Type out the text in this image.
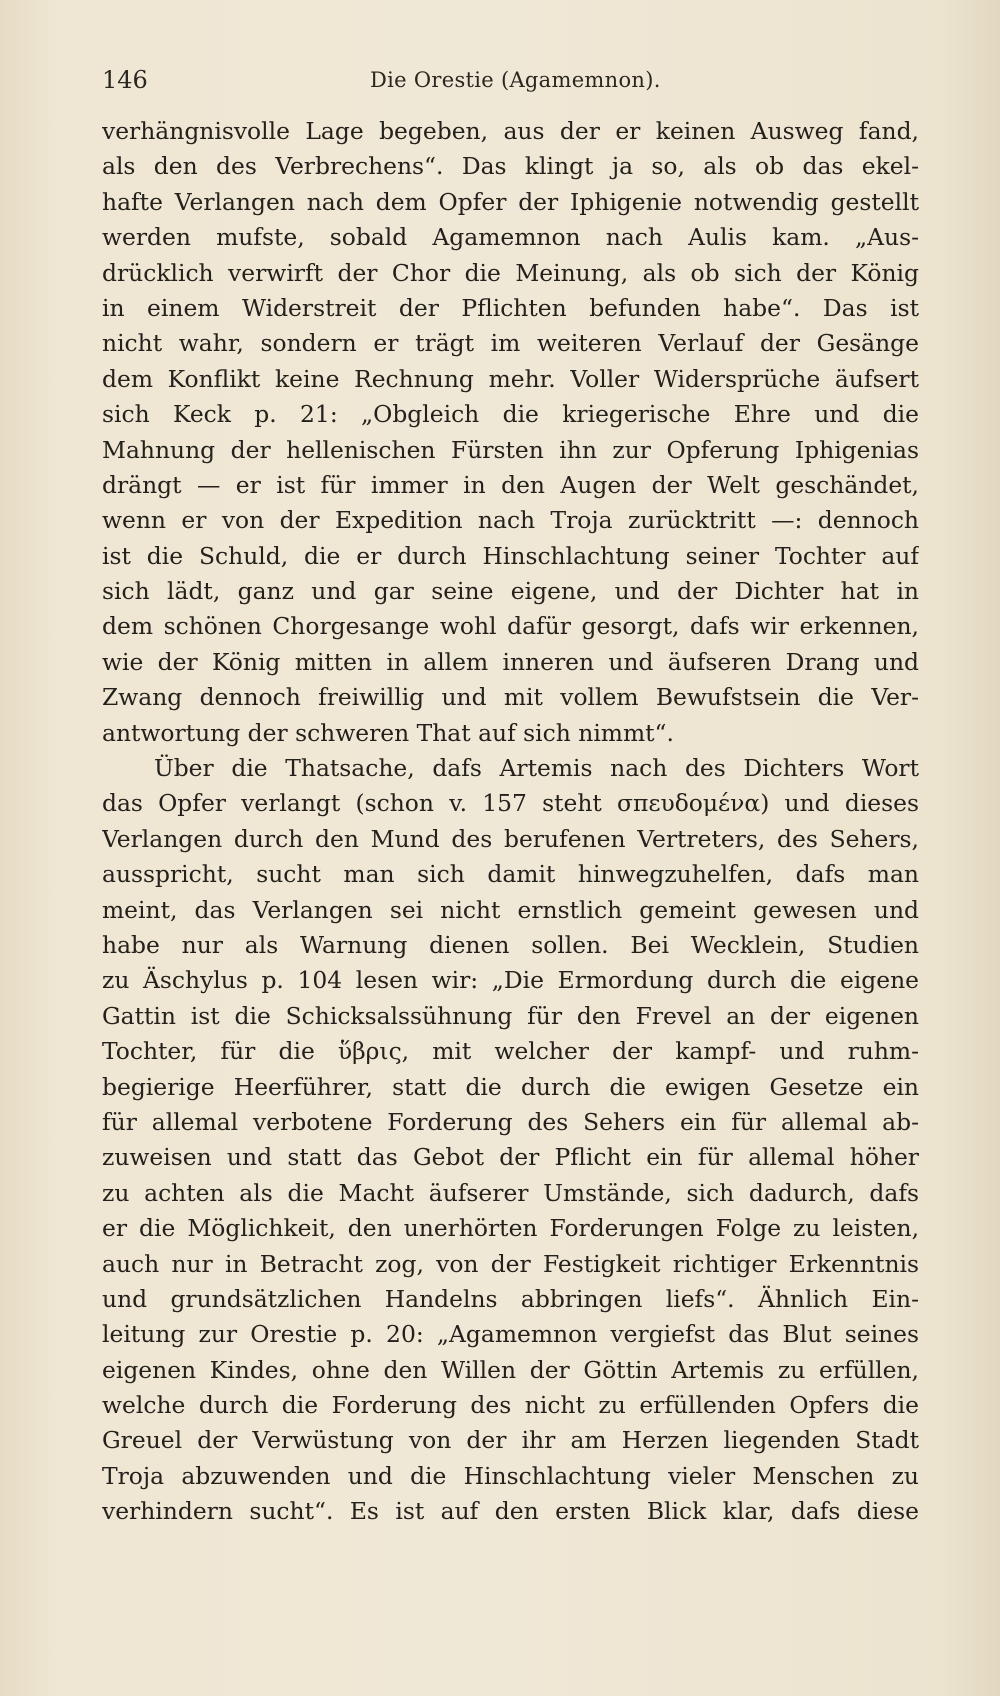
146	Die Orestie (Agamemnon).
verhängnisvolle Lage begeben, aus der er keinen Ausweg fand,
als den des Verbrechens“. Das klingt ja so, als ob das ekel-
hafte Verlangen nach dem Opfer der Iphigenie notwendig gestellt
werden mufste, sobald Agamemnon nach Aulis kam. „Aus-
drücklich verwirft der Chor die Meinung, als ob sich der König
in einem Widerstreit der Pflichten befunden habe“. Das ist
nicht wahr, sondern er trägt im weiteren Verlauf der Gesänge
dem Konflikt keine Rechnung mehr. Voller Widersprüche äufsert
sich Keck p. 21: „Obgleich die kriegerische Ehre und die
Mahnung der hellenischen Fürsten ihn zur Opferung Iphigenias
drängt — er ist für immer in den Augen der Welt geschändet,
wenn er von der Expedition nach Troja zurücktritt —: dennoch
ist die Schuld, die er durch Hinschlachtung seiner Tochter auf
sich lädt, ganz und gar seine eigene, und der Dichter hat in
dem schönen Chorgesange wohl dafür gesorgt, dafs wir erkennen,
wie der König mitten in allem inneren und äufseren Drang und
Zwang dennoch freiwillig und mit vollem Bewufstsein die Ver-
antwortung der schweren That auf sich nimmt“.
Über die Thatsache, dafs Artemis nach des Dichters Wort
das Opfer verlangt (schon v. 157 steht σπευδομένα) und dieses
Verlangen durch den Mund des berufenen Vertreters, des Sehers,
ausspricht, sucht man sich damit hinwegzuhelfen, dafs man
meint, das Verlangen sei nicht ernstlich gemeint gewesen und
habe nur als Warnung dienen sollen. Bei Wecklein, Studien
zu Äschylus p. 104 lesen wir: „Die Ermordung durch die eigene
Gattin ist die Schicksalssühnung für den Frevel an der eigenen
Tochter, für die ὕβρις, mit welcher der kampf- und ruhm-
begierige Heerführer, statt die durch die ewigen Gesetze ein
für allemal verbotene Forderung des Sehers ein für allemal ab-
zuweisen und statt das Gebot der Pflicht ein für allemal höher
zu achten als die Macht äufserer Umstände, sich dadurch, dafs
er die Möglichkeit, den unerhörten Forderungen Folge zu leisten,
auch nur in Betracht zog, von der Festigkeit richtiger Erkenntnis
und grundsätzlichen Handelns abbringen liefs“. Ähnlich Ein-
leitung zur Orestie p. 20: „Agamemnon vergiefst das Blut seines
eigenen Kindes, ohne den Willen der Göttin Artemis zu erfüllen,
welche durch die Forderung des nicht zu erfüllenden Opfers die
Greuel der Verwüstung von der ihr am Herzen liegenden Stadt
Troja abzuwenden und die Hinschlachtung vieler Menschen zu
verhindern sucht“. Es ist auf den ersten Blick klar, dafs diese
